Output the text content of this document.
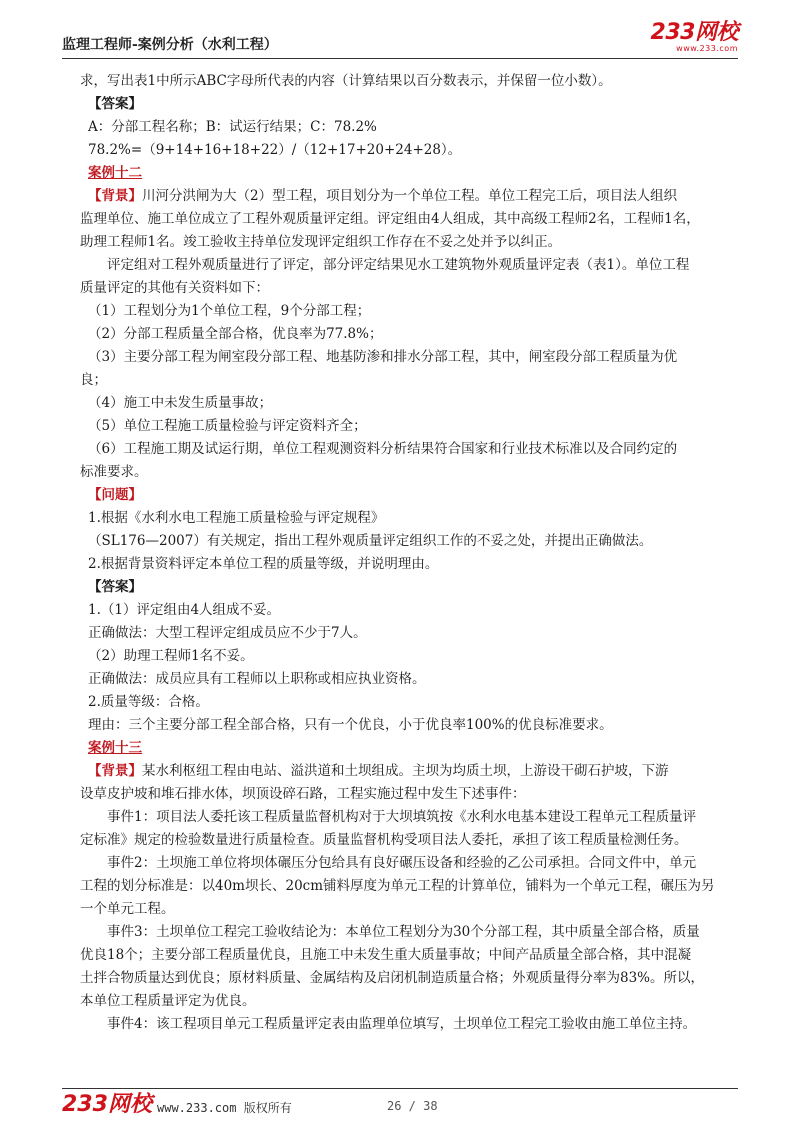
监理工程师-案例分析（水利工程）	233网校
www.233.com

求，写出表1中所示ABC字母所代表的内容（计算结果以百分数表示，并保留一位小数）。

【答案】

A：分部工程名称；B：试运行结果；C：78.2%

78.2%=（9+14+16+18+22）/（12+17+20+24+28）。

案例十二

【背景】川河分洪闸为大（2）型工程，项目划分为一个单位工程。单位工程完工后，项目法人组织

监理单位、施工单位成立了工程外观质量评定组。评定组由4人组成，其中高级工程师2名，工程师1名，

助理工程师1名。竣工验收主持单位发现评定组织工作存在不妥之处并予以纠正。

评定组对工程外观质量进行了评定，部分评定结果见水工建筑物外观质量评定表（表1）。单位工程

质量评定的其他有关资料如下：

（1）工程划分为1个单位工程，9个分部工程；

（2）分部工程质量全部合格，优良率为77.8%；

（3）主要分部工程为闸室段分部工程、地基防渗和排水分部工程，其中，闸室段分部工程质量为优

良；

（4）施工中未发生质量事故；

（5）单位工程施工质量检验与评定资料齐全；

（6）工程施工期及试运行期，单位工程观测资料分析结果符合国家和行业技术标准以及合同约定的

标准要求。

【问题】

1.根据《水利水电工程施工质量检验与评定规程》

（SL176—2007）有关规定，指出工程外观质量评定组织工作的不妥之处，并提出正确做法。

2.根据背景资料评定本单位工程的质量等级，并说明理由。

【答案】

1.（1）评定组由4人组成不妥。

正确做法：大型工程评定组成员应不少于7人。

（2）助理工程师1名不妥。

正确做法：成员应具有工程师以上职称或相应执业资格。

2.质量等级：合格。

理由：三个主要分部工程全部合格，只有一个优良，小于优良率100%的优良标准要求。

案例十三

【背景】某水利枢纽工程由电站、溢洪道和土坝组成。主坝为均质土坝，上游设干砌石护坡，下游

设草皮护坡和堆石排水体，坝顶设碎石路，工程实施过程中发生下述事件：

事件1：项目法人委托该工程质量监督机构对于大坝填筑按《水利水电基本建设工程单元工程质量评

定标准》规定的检验数量进行质量检查。质量监督机构受项目法人委托，承担了该工程质量检测任务。

事件2：土坝施工单位将坝体碾压分包给具有良好碾压设备和经验的乙公司承担。合同文件中，单元

工程的划分标准是：以40m坝长、20cm铺料厚度为单元工程的计算单位，铺料为一个单元工程，碾压为另

一个单元工程。

事件3：土坝单位工程完工验收结论为：本单位工程划分为30个分部工程，其中质量全部合格，质量

优良18个；主要分部工程质量优良，且施工中未发生重大质量事故；中间产品质量全部合格，其中混凝

土拌合物质量达到优良；原材料质量、金属结构及启闭机制造质量合格；外观质量得分率为83%。所以，

本单位工程质量评定为优良。

事件4：该工程项目单元工程质量评定表由监理单位填写，土坝单位工程完工验收由施工单位主持。

233网校 www.233.com 版权所有	26 / 38
